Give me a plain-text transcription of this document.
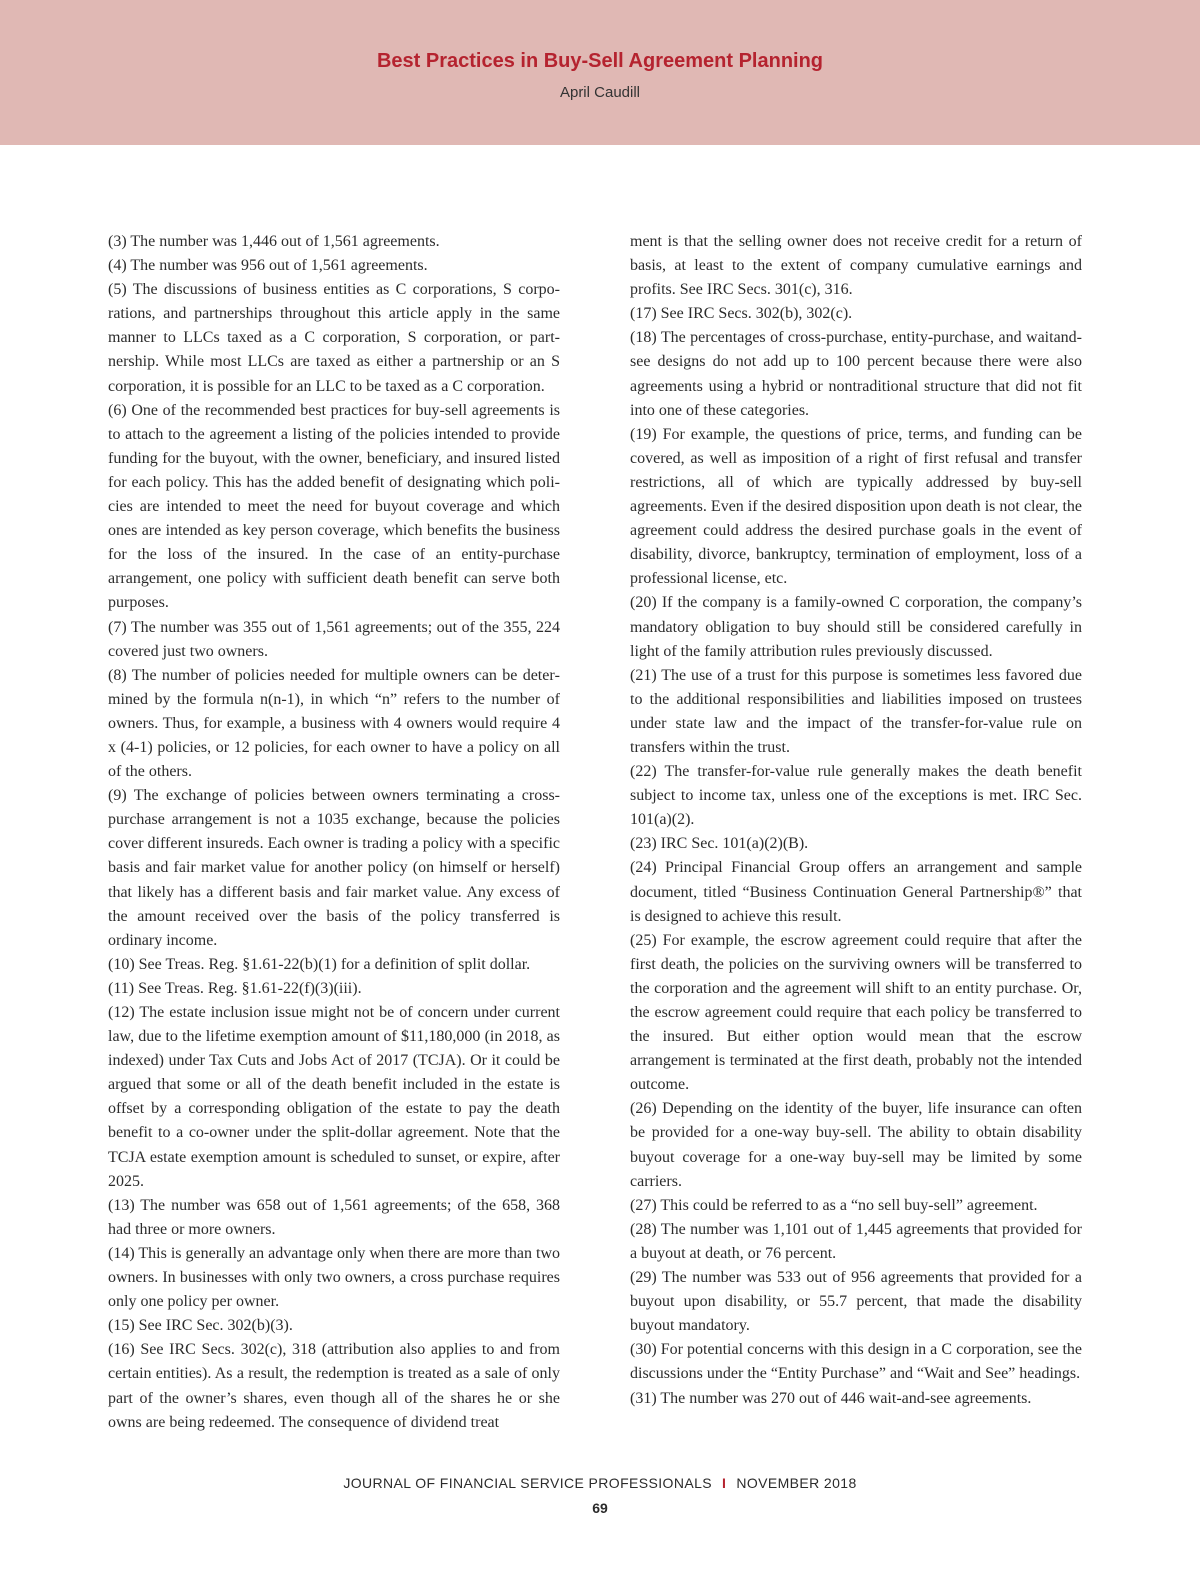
Best Practices in Buy-Sell Agreement Planning
April Caudill
(3) The number was 1,446 out of 1,561 agreements.
(4) The number was 956 out of 1,561 agreements.
(5) The discussions of business entities as C corporations, S corporations, and partnerships throughout this article apply in the same manner to LLCs taxed as a C corporation, S corporation, or partnership. While most LLCs are taxed as either a partnership or an S corporation, it is possible for an LLC to be taxed as a C corporation.
(6) One of the recommended best practices for buy-sell agreements is to attach to the agreement a listing of the policies intended to provide funding for the buyout, with the owner, beneficiary, and insured listed for each policy. This has the added benefit of designating which policies are intended to meet the need for buyout coverage and which ones are intended as key person coverage, which benefits the business for the loss of the insured. In the case of an entity-purchase arrangement, one policy with sufficient death benefit can serve both purposes.
(7) The number was 355 out of 1,561 agreements; out of the 355, 224 covered just two owners.
(8) The number of policies needed for multiple owners can be determined by the formula n(n-1), in which “n” refers to the number of owners. Thus, for example, a business with 4 owners would require 4 x (4-1) policies, or 12 policies, for each owner to have a policy on all of the others.
(9) The exchange of policies between owners terminating a cross-purchase arrangement is not a 1035 exchange, because the policies cover different insureds. Each owner is trading a policy with a specific basis and fair market value for another policy (on himself or herself) that likely has a different basis and fair market value. Any excess of the amount received over the basis of the policy transferred is ordinary income.
(10) See Treas. Reg. §1.61-22(b)(1) for a definition of split dollar.
(11) See Treas. Reg. §1.61-22(f)(3)(iii).
(12) The estate inclusion issue might not be of concern under current law, due to the lifetime exemption amount of $11,180,000 (in 2018, as indexed) under Tax Cuts and Jobs Act of 2017 (TCJA). Or it could be argued that some or all of the death benefit included in the estate is offset by a corresponding obligation of the estate to pay the death benefit to a co-owner under the split-dollar agreement. Note that the TCJA estate exemption amount is scheduled to sunset, or expire, after 2025.
(13) The number was 658 out of 1,561 agreements; of the 658, 368 had three or more owners.
(14) This is generally an advantage only when there are more than two owners. In businesses with only two owners, a cross purchase requires only one policy per owner.
(15) See IRC Sec. 302(b)(3).
(16) See IRC Secs. 302(c), 318 (attribution also applies to and from certain entities). As a result, the redemption is treated as a sale of only part of the owner’s shares, even though all of the shares he or she owns are being redeemed. The consequence of dividend treat
ment is that the selling owner does not receive credit for a return of basis, at least to the extent of company cumulative earnings and profits. See IRC Secs. 301(c), 316.
(17) See IRC Secs. 302(b), 302(c).
(18) The percentages of cross-purchase, entity-purchase, and waitand-see designs do not add up to 100 percent because there were also agreements using a hybrid or nontraditional structure that did not fit into one of these categories.
(19) For example, the questions of price, terms, and funding can be covered, as well as imposition of a right of first refusal and transfer restrictions, all of which are typically addressed by buy-sell agreements. Even if the desired disposition upon death is not clear, the agreement could address the desired purchase goals in the event of disability, divorce, bankruptcy, termination of employment, loss of a professional license, etc.
(20) If the company is a family-owned C corporation, the company’s mandatory obligation to buy should still be considered carefully in light of the family attribution rules previously discussed.
(21) The use of a trust for this purpose is sometimes less favored due to the additional responsibilities and liabilities imposed on trustees under state law and the impact of the transfer-for-value rule on transfers within the trust.
(22) The transfer-for-value rule generally makes the death benefit subject to income tax, unless one of the exceptions is met. IRC Sec. 101(a)(2).
(23) IRC Sec. 101(a)(2)(B).
(24) Principal Financial Group offers an arrangement and sample document, titled “Business Continuation General Partnership®” that is designed to achieve this result.
(25) For example, the escrow agreement could require that after the first death, the policies on the surviving owners will be transferred to the corporation and the agreement will shift to an entity purchase. Or, the escrow agreement could require that each policy be transferred to the insured. But either option would mean that the escrow arrangement is terminated at the first death, probably not the intended outcome.
(26) Depending on the identity of the buyer, life insurance can often be provided for a one-way buy-sell. The ability to obtain disability buyout coverage for a one-way buy-sell may be limited by some carriers.
(27) This could be referred to as a “no sell buy-sell” agreement.
(28) The number was 1,101 out of 1,445 agreements that provided for a buyout at death, or 76 percent.
(29) The number was 533 out of 956 agreements that provided for a buyout upon disability, or 55.7 percent, that made the disability buyout mandatory.
(30) For potential concerns with this design in a C corporation, see the discussions under the “Entity Purchase” and “Wait and See” headings.
(31) The number was 270 out of 446 wait-and-see agreements.
JOURNAL OF FINANCIAL SERVICE PROFESSIONALS I NOVEMBER 2018
69
